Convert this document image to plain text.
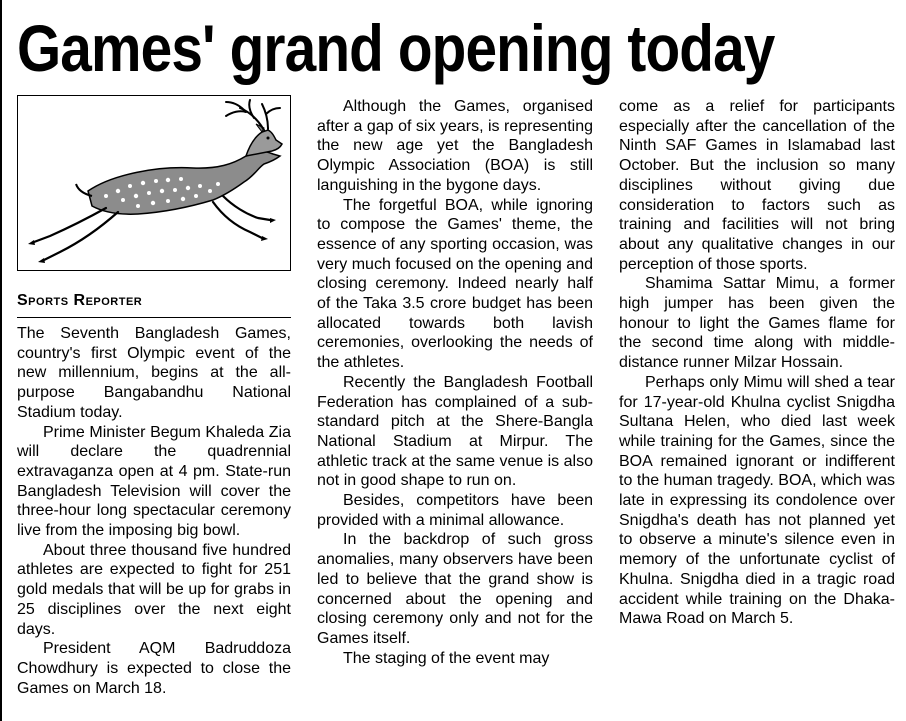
Games' grand opening today
Sports Reporter

The Seventh Bangladesh Games, country's first Olympic event of the new millennium, begins at the all-purpose Bangabandhu National Stadium today.

Prime Minister Begum Khaleda Zia will declare the quadrennial extravaganza open at 4 pm. State-run Bangladesh Television will cover the three-hour long spectacular ceremony live from the imposing big bowl.

About three thousand five hundred athletes are expected to fight for 251 gold medals that will be up for grabs in 25 disciplines over the next eight days.

President AQM Badruddoza Chowdhury is expected to close the Games on March 18.

Although the Games, organised after a gap of six years, is representing the new age yet the Bangladesh Olympic Association (BOA) is still languishing in the bygone days.

The forgetful BOA, while ignoring to compose the Games' theme, the essence of any sporting occasion, was very much focused on the opening and closing ceremony. Indeed nearly half of the Taka 3.5 crore budget has been allocated towards both lavish ceremonies, overlooking the needs of the athletes.

Recently the Bangladesh Football Federation has complained of a sub-standard pitch at the Shere-Bangla National Stadium at Mirpur. The athletic track at the same venue is also not in good shape to run on.

Besides, competitors have been provided with a minimal allowance.

In the backdrop of such gross anomalies, many observers have been led to believe that the grand show is concerned about the opening and closing ceremony only and not for the Games itself.

The staging of the event may

come as a relief for participants especially after the cancellation of the Ninth SAF Games in Islamabad last October. But the inclusion so many disciplines without giving due consideration to factors such as training and facilities will not bring about any qualitative changes in our perception of those sports.

Shamima Sattar Mimu, a former high jumper has been given the honour to light the Games flame for the second time along with middle-distance runner Milzar Hossain.

Perhaps only Mimu will shed a tear for 17-year-old Khulna cyclist Snigdha Sultana Helen, who died last week while training for the Games, since the BOA remained ignorant or indifferent to the human tragedy. BOA, which was late in expressing its condolence over Snigdha's death has not planned yet to observe a minute's silence even in memory of the unfortunate cyclist of Khulna. Snigdha died in a tragic road accident while training on the Dhaka-Mawa Road on March 5.
